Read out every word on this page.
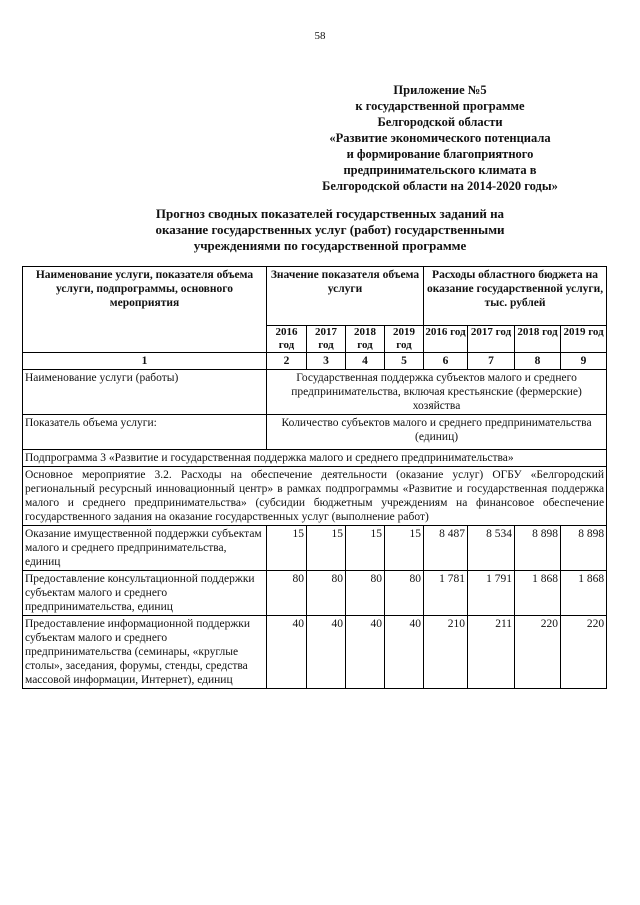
58
Приложение №5
к государственной программе
Белгородской области
«Развитие экономического потенциала
и формирование благоприятного
предпринимательского климата в
Белгородской области на 2014-2020 годы»
Прогноз сводных показателей государственных заданий на
оказание государственных услуг (работ) государственными
учреждениями по государственной программе
Наименование услуги, показателя объема услуги, подпрограммы, основного мероприятия	Значение показателя объема услуги				Расходы областного бюджета на оказание государственной услуги, тыс. рублей			
	2016 год	2017 год	2018 год	2019 год	2016 год	2017 год	2018 год	2019 год
1	2	3	4	5	6	7	8	9
Наименование услуги (работы)	Государственная поддержка субъектов малого и среднего предпринимательства, включая крестьянские (фермерские) хозяйства							
Показатель объема услуги:	Количество субъектов малого и среднего предпринимательства (единиц)							
Подпрограмма 3 «Развитие и государственная поддержка малого и среднего предпринимательства»								
Основное мероприятие 3.2. Расходы на обеспечение деятельности (оказание услуг) ОГБУ «Белгородский региональный ресурсный инновационный центр» в рамках подпрограммы «Развитие и государственная поддержка малого и среднего предпринимательства» (субсидии бюджетным учреждениям на финансовое обеспечение государственного задания на оказание государственных услуг (выполнение работ)								
Оказание имущественной поддержки субъектам малого и среднего предпринимательства, единиц	15	15	15	15	8 487	8 534	8 898	8 898
Предоставление консультационной поддержки субъектам малого и среднего предпринимательства, единиц	80	80	80	80	1 781	1 791	1 868	1 868
Предоставление информационной поддержки субъектам малого и среднего предпринимательства (семинары, «круглые столы», заседания, форумы, стенды, средства массовой информации, Интернет), единиц	40	40	40	40	210	211	220	220
